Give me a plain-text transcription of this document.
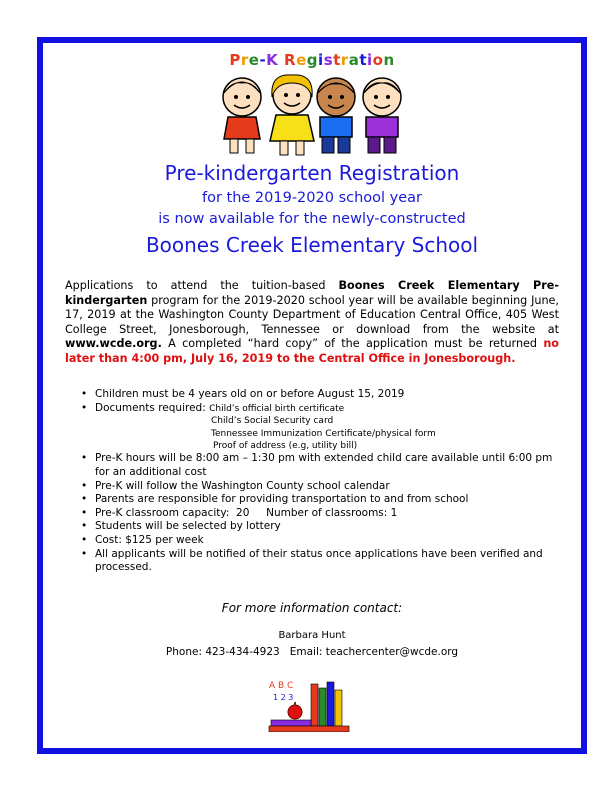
Pre-K Registration
Pre-kindergarten Registration
for the 2019-2020 school year
is now available for the newly-constructed
Boones Creek Elementary School
Applications to attend the tuition-based Boones Creek Elementary Pre-kindergarten program for the 2019-2020 school year will be available beginning June, 17, 2019 at the Washington County Department of Education Central Office, 405 West College Street, Jonesborough, Tennessee or download from the website at www.wcde.org. A completed “hard copy” of the application must be returned no later than 4:00 pm, July 16, 2019 to the Central Office in Jonesborough.
• Children must be 4 years old on or before August 15, 2019
• Documents required: Child’s official birth certificate
Child’s Social Security card
Tennessee Immunization Certificate/physical form
Proof of address (e.g, utility bill)
• Pre-K hours will be 8:00 am – 1:30 pm with extended child care available until 6:00 pm for an additional cost
• Pre-K will follow the Washington County school calendar
• Parents are responsible for providing transportation to and from school
• Pre-K classroom capacity:  20     Number of classrooms: 1
• Students will be selected by lottery
• Cost: $125 per week
• All applicants will be notified of their status once applications have been verified and processed.
For more information contact:
Barbara Hunt
Phone: 423-434-4923 Email: teachercenter@wcde.org
A B C
1 2 3
